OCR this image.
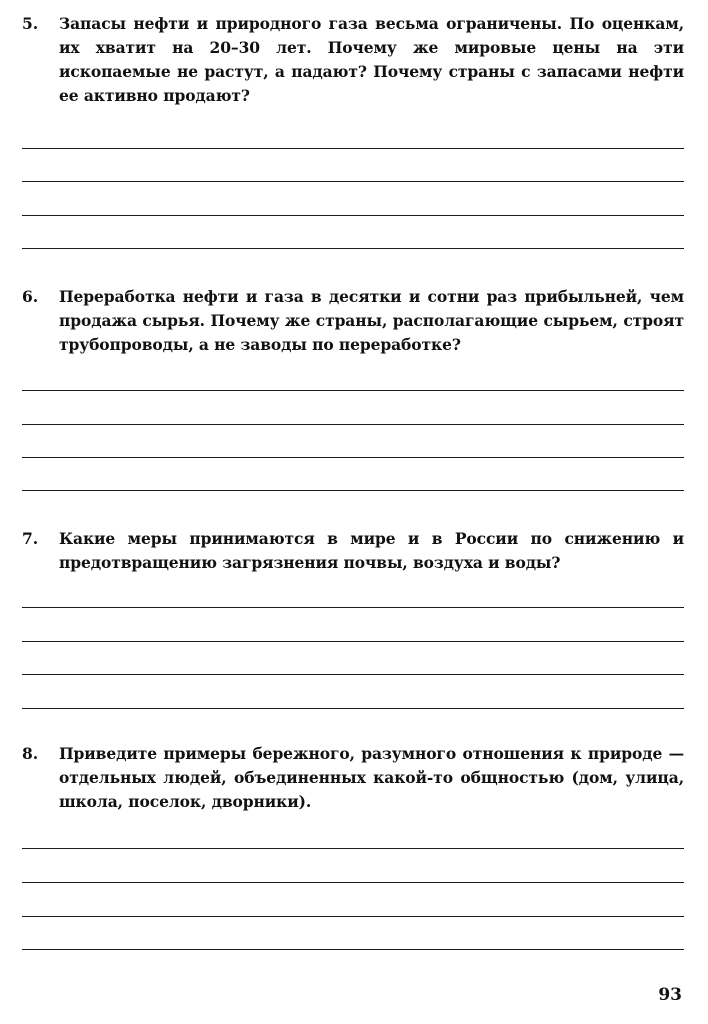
5.	Запасы нефти и природного газа весьма ограничены. По оценкам, их хватит на 20–30 лет. Почему же мировые цены на эти ископаемые не растут, а падают? Почему страны с запасами нефти ее активно продают?
6.	Переработка нефти и газа в десятки и сотни раз прибыльней, чем продажа сырья. Почему же страны, располагающие сырьем, строят трубопроводы, а не заводы по переработке?
7.	Какие меры принимаются в мире и в России по снижению и предотвращению загрязнения почвы, воздуха и воды?
8.	Приведите примеры бережного, разумного отношения к природе — отдельных людей, объединенных какой-то общностью (дом, улица, школа, поселок, дворники).
93
